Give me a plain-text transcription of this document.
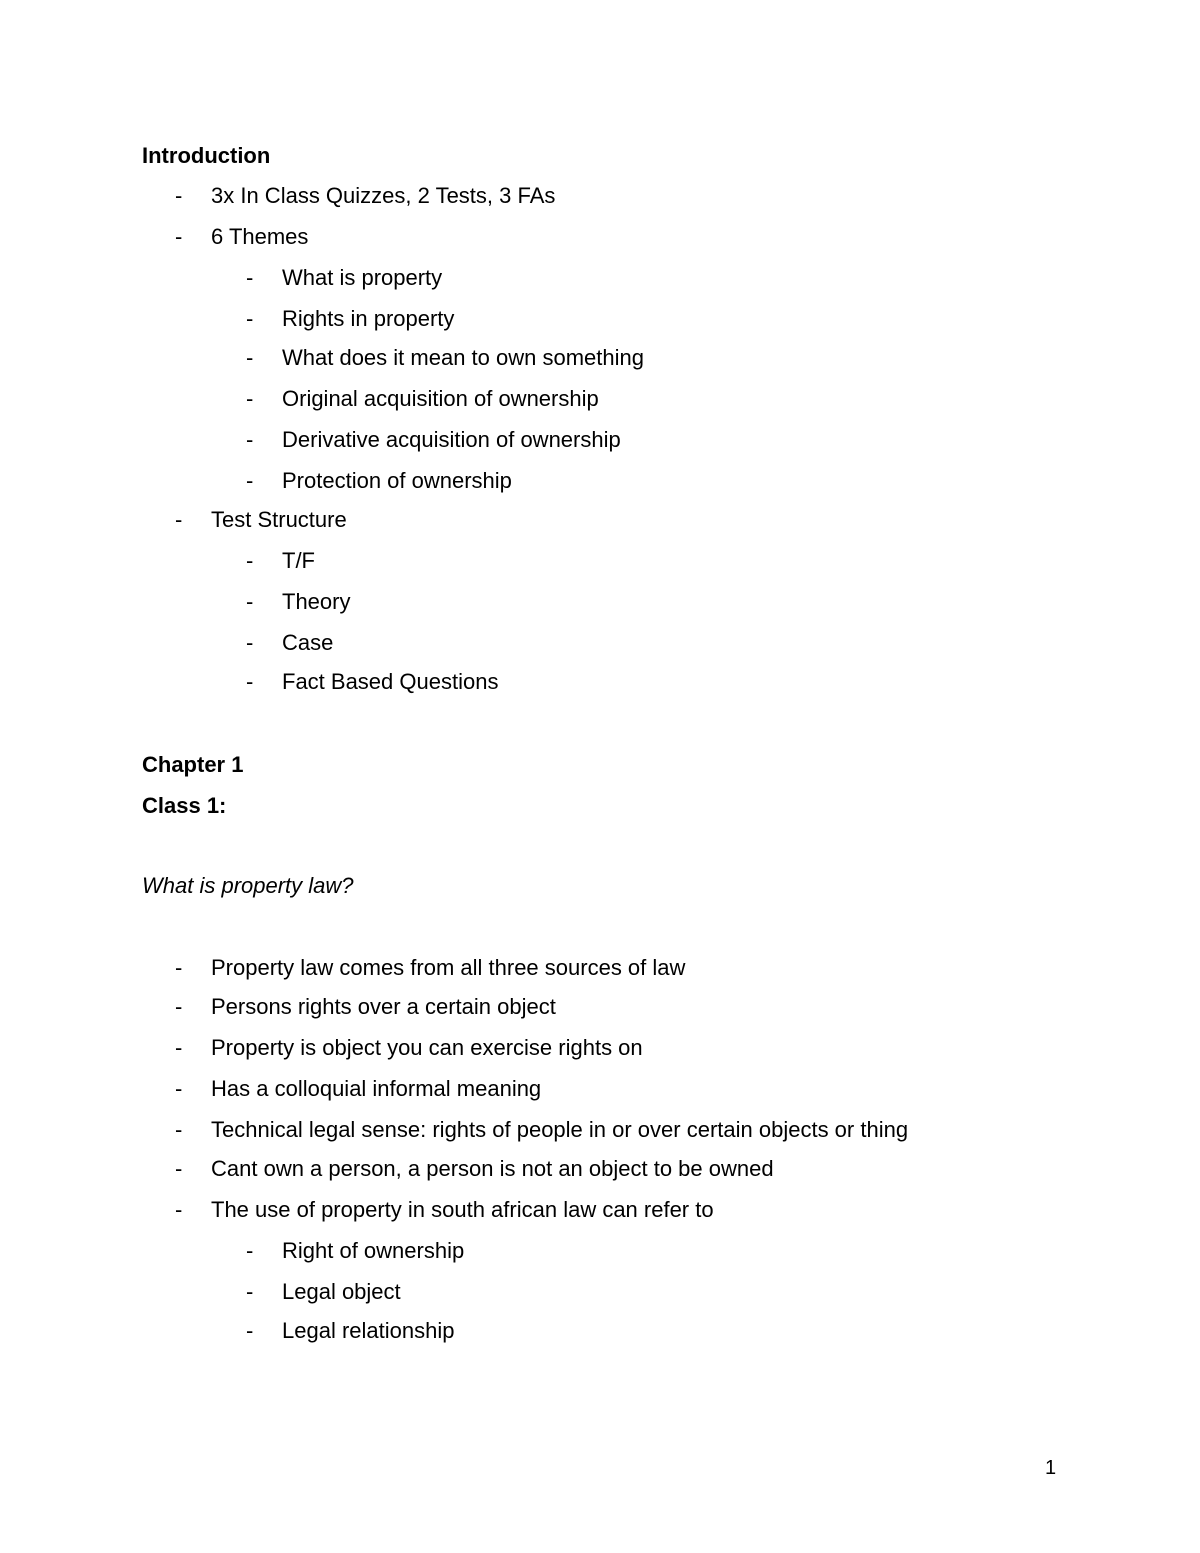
Introduction
- 3x In Class Quizzes, 2 Tests, 3 FAs
- 6 Themes
- What is property
- Rights in property
- What does it mean to own something
- Original acquisition of ownership
- Derivative acquisition of ownership
- Protection of ownership
- Test Structure
- T/F
- Theory
- Case
- Fact Based Questions
Chapter 1
Class 1:
What is property law?
- Property law comes from all three sources of law
- Persons rights over a certain object
- Property is object you can exercise rights on
- Has a colloquial informal meaning
- Technical legal sense: rights of people in or over certain objects or thing
- Cant own a person, a person is not an object to be owned
- The use of property in south african law can refer to
- Right of ownership
- Legal object
- Legal relationship
1
